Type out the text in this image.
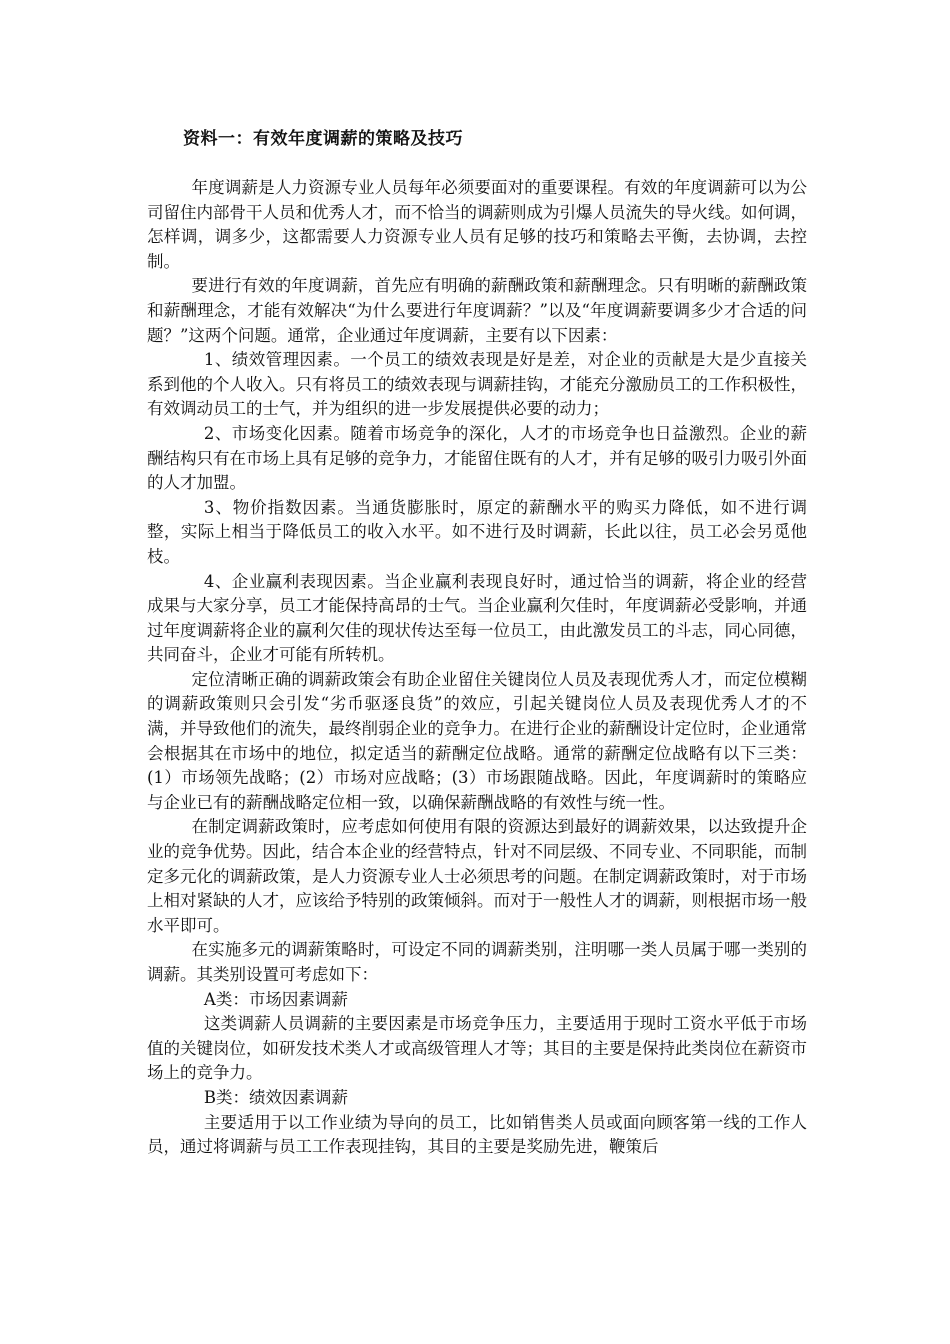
资料一：有效年度调薪的策略及技巧

年度调薪是人力资源专业人员每年必须要面对的重要课程。有效的年度调薪可以为公司留住内部骨干人员和优秀人才，而不恰当的调薪则成为引爆人员流失的导火线。如何调，怎样调，调多少，这都需要人力资源专业人员有足够的技巧和策略去平衡，去协调，去控制。

要进行有效的年度调薪，首先应有明确的薪酬政策和薪酬理念。只有明晰的薪酬政策和薪酬理念，才能有效解决“为什么要进行年度调薪？”以及“年度调薪要调多少才合适的问题？”这两个问题。通常，企业通过年度调薪，主要有以下因素：

1、绩效管理因素。一个员工的绩效表现是好是差，对企业的贡献是大是少直接关系到他的个人收入。只有将员工的绩效表现与调薪挂钩，才能充分激励员工的工作积极性，有效调动员工的士气，并为组织的进一步发展提供必要的动力；

2、市场变化因素。随着市场竞争的深化，人才的市场竞争也日益激烈。企业的薪酬结构只有在市场上具有足够的竞争力，才能留住既有的人才，并有足够的吸引力吸引外面的人才加盟。

3、物价指数因素。当通货膨胀时，原定的薪酬水平的购买力降低，如不进行调整，实际上相当于降低员工的收入水平。如不进行及时调薪，长此以往，员工必会另觅他枝。

4、企业赢利表现因素。当企业赢利表现良好时，通过恰当的调薪，将企业的经营成果与大家分享，员工才能保持高昂的士气。当企业赢利欠佳时，年度调薪必受影响，并通过年度调薪将企业的赢利欠佳的现状传达至每一位员工，由此激发员工的斗志，同心同德，共同奋斗，企业才可能有所转机。

定位清晰正确的调薪政策会有助企业留住关键岗位人员及表现优秀人才，而定位模糊的调薪政策则只会引发“劣币驱逐良货”的效应，引起关键岗位人员及表现优秀人才的不满，并导致他们的流失，最终削弱企业的竞争力。在进行企业的薪酬设计定位时，企业通常会根据其在市场中的地位，拟定适当的薪酬定位战略。通常的薪酬定位战略有以下三类：(1）市场领先战略；(2）市场对应战略；(3）市场跟随战略。因此，年度调薪时的策略应与企业已有的薪酬战略定位相一致，以确保薪酬战略的有效性与统一性。

在制定调薪政策时，应考虑如何使用有限的资源达到最好的调薪效果，以达致提升企业的竞争优势。因此，结合本企业的经营特点，针对不同层级、不同专业、不同职能，而制定多元化的调薪政策，是人力资源专业人士必须思考的问题。在制定调薪政策时，对于市场上相对紧缺的人才，应该给予特别的政策倾斜。而对于一般性人才的调薪，则根据市场一般水平即可。

在实施多元的调薪策略时，可设定不同的调薪类别，注明哪一类人员属于哪一类别的调薪。其类别设置可考虑如下：

A类：市场因素调薪

这类调薪人员调薪的主要因素是市场竞争压力，主要适用于现时工资水平低于市场值的关键岗位，如研发技术类人才或高级管理人才等；其目的主要是保持此类岗位在薪资市场上的竞争力。

B类：绩效因素调薪

主要适用于以工作业绩为导向的员工，比如销售类人员或面向顾客第一线的工作人员，通过将调薪与员工工作表现挂钩，其目的主要是奖励先进，鞭策后
